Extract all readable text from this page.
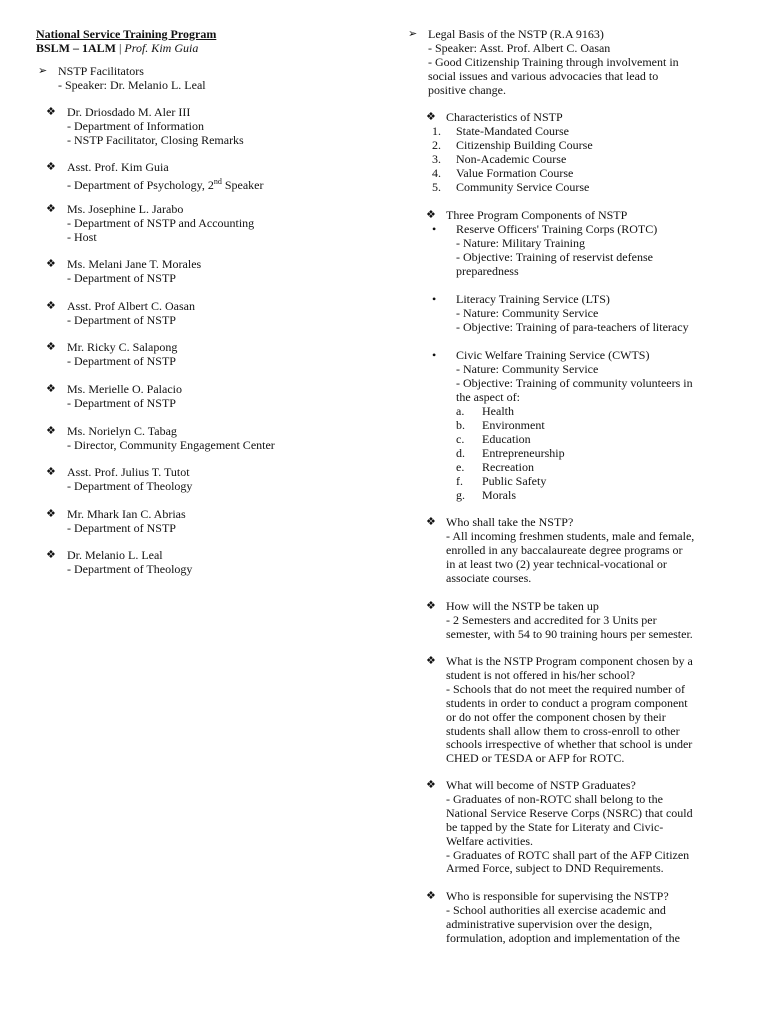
National Service Training Program
BSLM – 1ALM | Prof. Kim Guia
➢ NSTP Facilitators
- Speaker: Dr. Melanio L. Leal
❖ Dr. Driosdado M. Aler III
- Department of Information
- NSTP Facilitator, Closing Remarks
❖ Asst. Prof. Kim Guia
- Department of Psychology, 2nd Speaker
❖ Ms. Josephine L. Jarabo
- Department of NSTP and Accounting
- Host
❖ Ms. Melani Jane T. Morales
- Department of NSTP
❖ Asst. Prof Albert C. Oasan
- Department of NSTP
❖ Mr. Ricky C. Salapong
- Department of NSTP
❖ Ms. Merielle O. Palacio
- Department of NSTP
❖ Ms. Norielyn C. Tabag
- Director, Community Engagement Center
❖ Asst. Prof. Julius T. Tutot
- Department of Theology
❖ Mr. Mhark Ian C. Abrias
- Department of NSTP
❖ Dr. Melanio L. Leal
- Department of Theology
➢ Legal Basis of the NSTP (R.A 9163)
- Speaker: Asst. Prof. Albert C. Oasan
- Good Citizenship Training through involvement in
social issues and various advocacies that lead to
positive change.
❖ Characteristics of NSTP
1. State-Mandated Course
2. Citizenship Building Course
3. Non-Academic Course
4. Value Formation Course
5. Community Service Course
❖ Three Program Components of NSTP
• Reserve Officers' Training Corps (ROTC)
- Nature: Military Training
- Objective: Training of reservist defense
preparedness
• Literacy Training Service (LTS)
- Nature: Community Service
- Objective: Training of para-teachers of literacy
• Civic Welfare Training Service (CWTS)
- Nature: Community Service
- Objective: Training of community volunteers in
the aspect of:
a. Health
b. Environment
c. Education
d. Entrepreneurship
e. Recreation
f. Public Safety
g. Morals
❖ Who shall take the NSTP?
- All incoming freshmen students, male and female,
enrolled in any baccalaureate degree programs or
in at least two (2) year technical-vocational or
associate courses.
❖ How will the NSTP be taken up
- 2 Semesters and accredited for 3 Units per
semester, with 54 to 90 training hours per semester.
❖ What is the NSTP Program component chosen by a
student is not offered in his/her school?
- Schools that do not meet the required number of
students in order to conduct a program component
or do not offer the component chosen by their
students shall allow them to cross-enroll to other
schools irrespective of whether that school is under
CHED or TESDA or AFP for ROTC.
❖ What will become of NSTP Graduates?
- Graduates of non-ROTC shall belong to the
National Service Reserve Corps (NSRC) that could
be tapped by the State for Literaty and Civic-
Welfare activities.
- Graduates of ROTC shall part of the AFP Citizen
Armed Force, subject to DND Requirements.
❖ Who is responsible for supervising the NSTP?
- School authorities all exercise academic and
administrative supervision over the design,
formulation, adoption and implementation of the
